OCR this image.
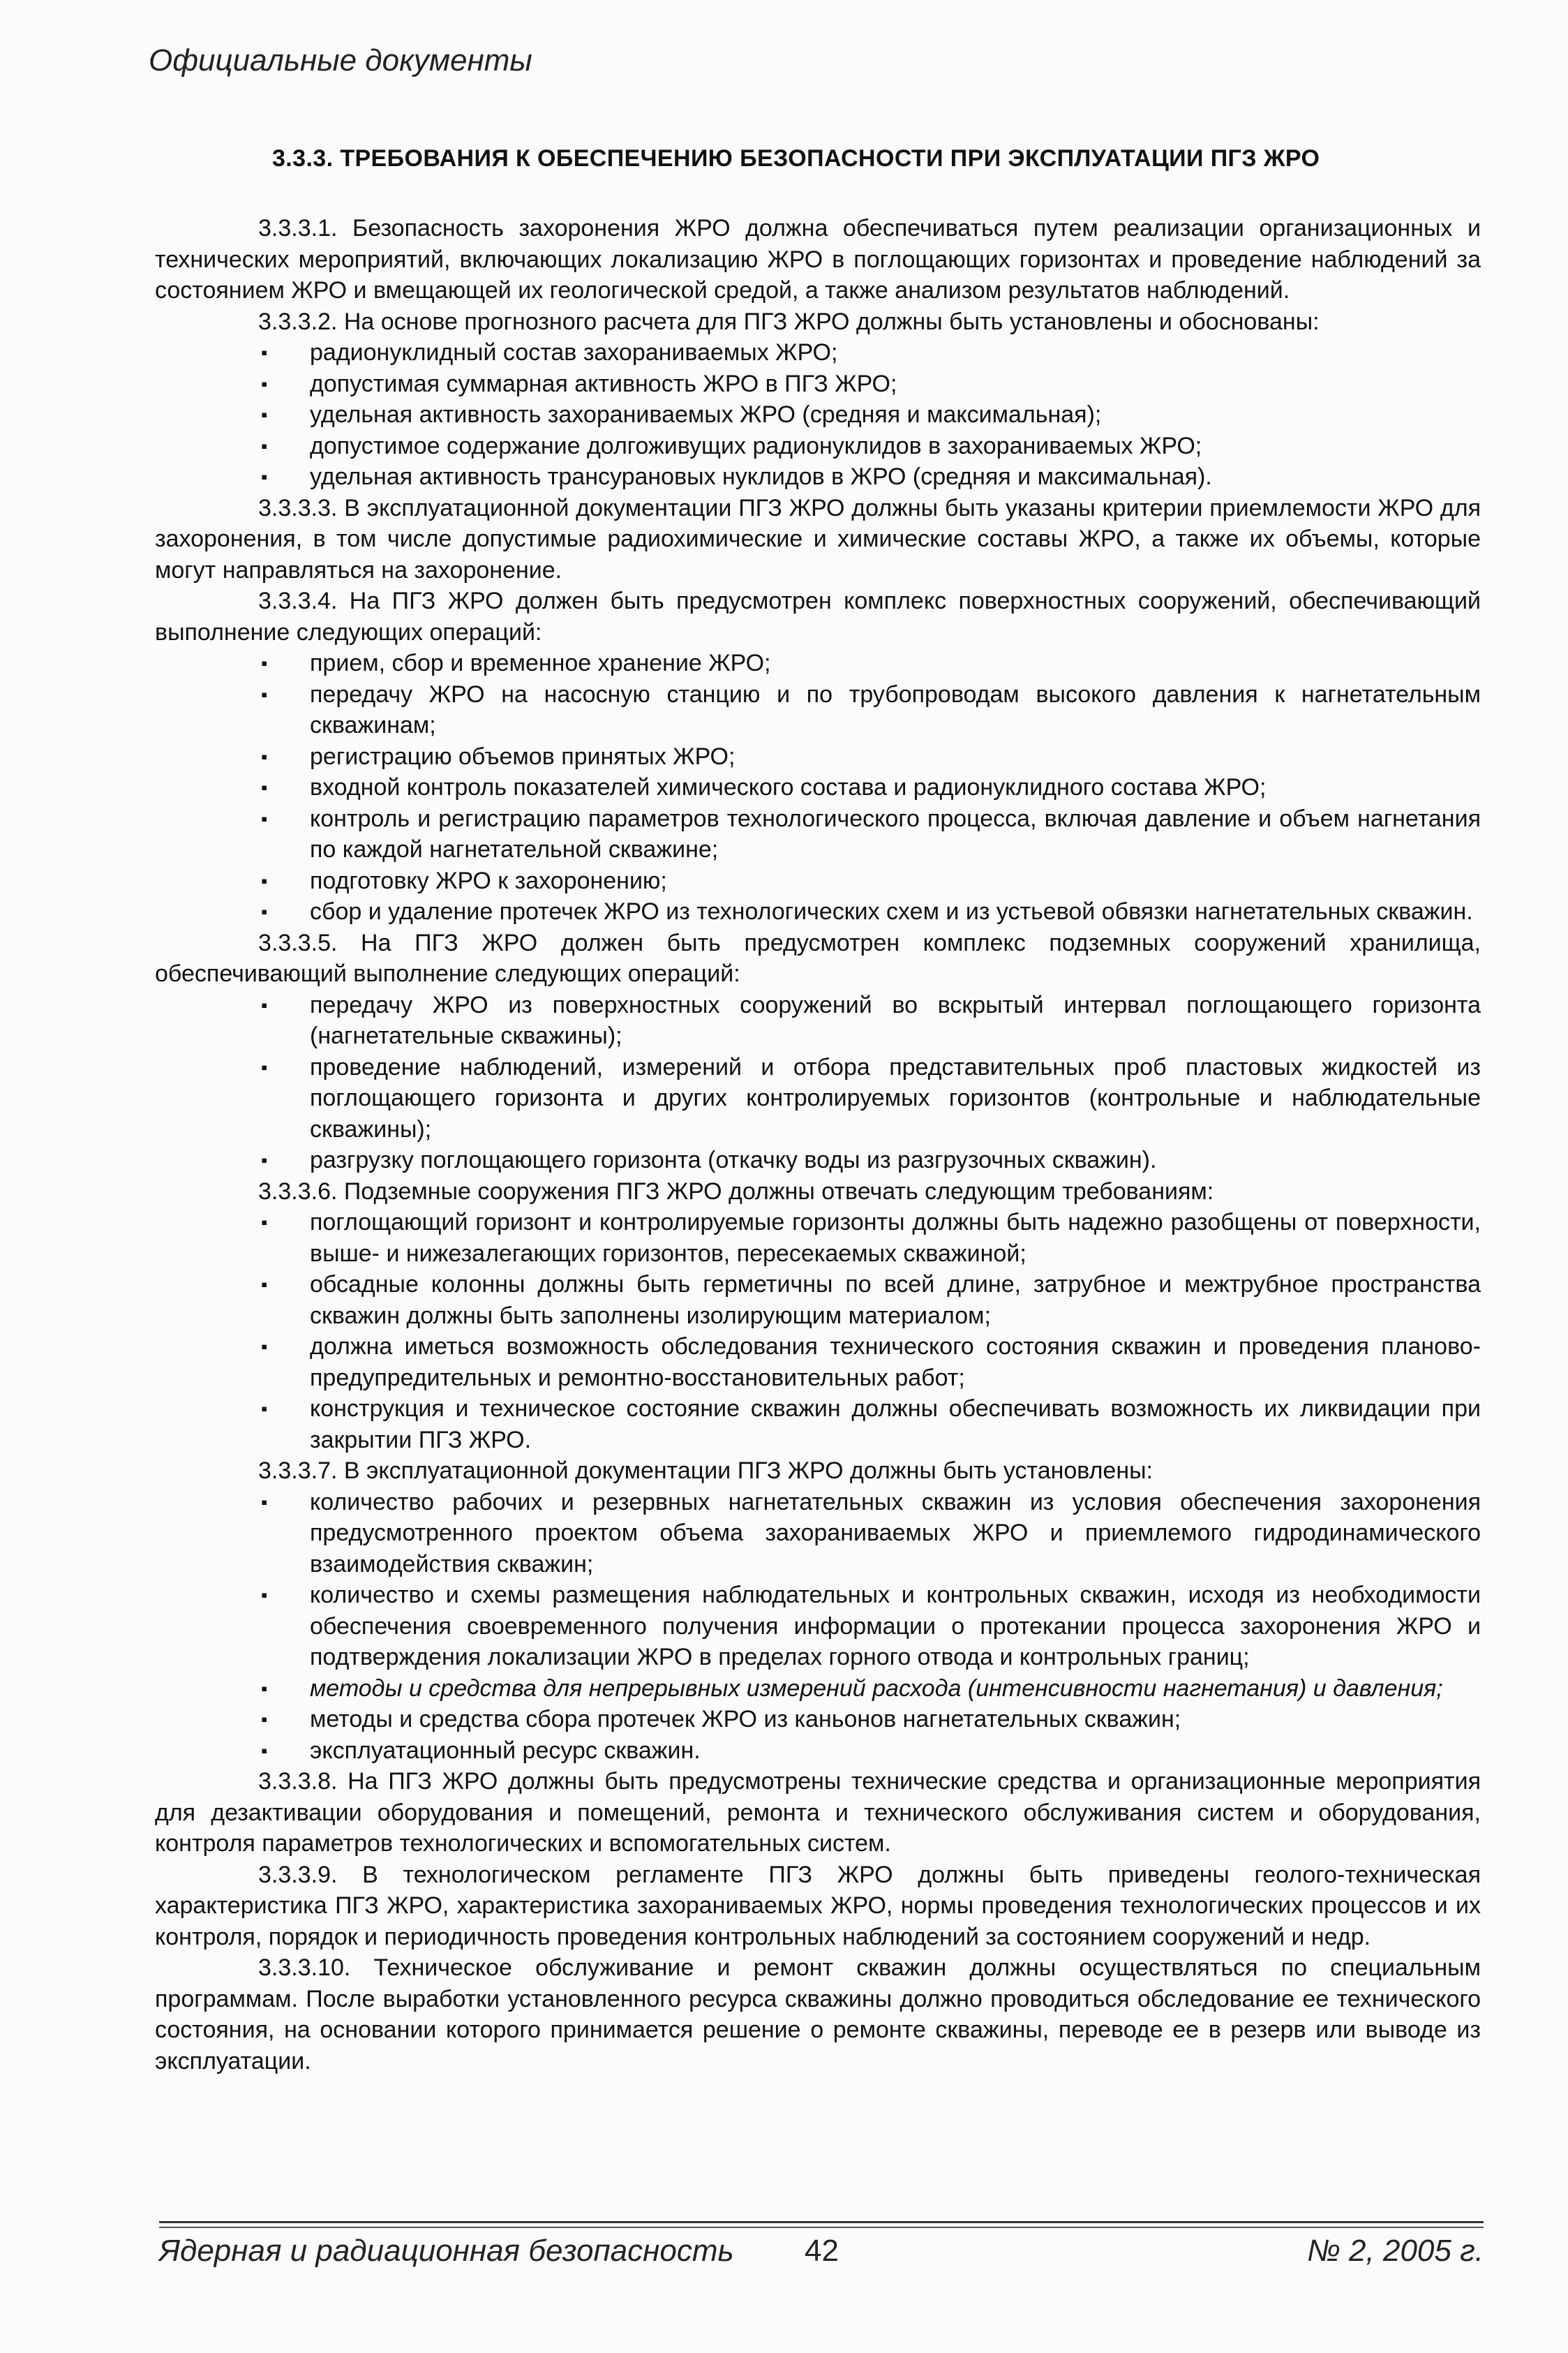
Официальные документы
3.3.3. ТРЕБОВАНИЯ К ОБЕСПЕЧЕНИЮ БЕЗОПАСНОСТИ ПРИ ЭКСПЛУАТАЦИИ ПГЗ ЖРО

3.3.3.1. Безопасность захоронения ЖРО должна обеспечиваться путем реализации организационных и технических мероприятий, включающих локализацию ЖРО в поглощающих горизонтах и проведение наблюдений за состоянием ЖРО и вмещающей их геологической средой, а также анализом результатов наблюдений.

3.3.3.2. На основе прогнозного расчета для ПГЗ ЖРО должны быть установлены и обоснованы:

▪ радионуклидный состав захораниваемых ЖРО;
▪ допустимая суммарная активность ЖРО в ПГЗ ЖРО;
▪ удельная активность захораниваемых ЖРО (средняя и максимальная);
▪ допустимое содержание долгоживущих радионуклидов в захораниваемых ЖРО;
▪ удельная активность трансурановых нуклидов в ЖРО (средняя и максимальная).

3.3.3.3. В эксплуатационной документации ПГЗ ЖРО должны быть указаны критерии приемлемости ЖРО для захоронения, в том числе допустимые радиохимические и химические составы ЖРО, а также их объемы, которые могут направляться на захоронение.

3.3.3.4. На ПГЗ ЖРО должен быть предусмотрен комплекс поверхностных сооружений, обеспечивающий выполнение следующих операций:

▪ прием, сбор и временное хранение ЖРО;
▪ передачу ЖРО на насосную станцию и по трубопроводам высокого давления к нагнетательным скважинам;
▪ регистрацию объемов принятых ЖРО;
▪ входной контроль показателей химического состава и радионуклидного состава ЖРО;
▪ контроль и регистрацию параметров технологического процесса, включая давление и объем нагнетания по каждой нагнетательной скважине;
▪ подготовку ЖРО к захоронению;
▪ сбор и удаление протечек ЖРО из технологических схем и из устьевой обвязки нагнетательных скважин.

3.3.3.5. На ПГЗ ЖРО должен быть предусмотрен комплекс подземных сооружений хранилища, обеспечивающий выполнение следующих операций:

▪ передачу ЖРО из поверхностных сооружений во вскрытый интервал поглощающего горизонта (нагнетательные скважины);
▪ проведение наблюдений, измерений и отбора представительных проб пластовых жидкостей из поглощающего горизонта и других контролируемых горизонтов (контрольные и наблюдательные скважины);
▪ разгрузку поглощающего горизонта (откачку воды из разгрузочных скважин).

3.3.3.6. Подземные сооружения ПГЗ ЖРО должны отвечать следующим требованиям:

▪ поглощающий горизонт и контролируемые горизонты должны быть надежно разобщены от поверхности, выше- и нижезалегающих горизонтов, пересекаемых скважиной;
▪ обсадные колонны должны быть герметичны по всей длине, затрубное и межтрубное пространства скважин должны быть заполнены изолирующим материалом;
▪ должна иметься возможность обследования технического состояния скважин и проведения планово-предупредительных и ремонтно-восстановительных работ;
▪ конструкция и техническое состояние скважин должны обеспечивать возможность их ликвидации при закрытии ПГЗ ЖРО.

3.3.3.7. В эксплуатационной документации ПГЗ ЖРО должны быть установлены:

▪ количество рабочих и резервных нагнетательных скважин из условия обеспечения захоронения предусмотренного проектом объема захораниваемых ЖРО и приемлемого гидродинамического взаимодействия скважин;
▪ количество и схемы размещения наблюдательных и контрольных скважин, исходя из необходимости обеспечения своевременного получения информации о протекании процесса захоронения ЖРО и подтверждения локализации ЖРО в пределах горного отвода и контрольных границ;
▪ методы и средства для непрерывных измерений расхода (интенсивности нагнетания) и давления;
▪ методы и средства сбора протечек ЖРО из каньонов нагнетательных скважин;
▪ эксплуатационный ресурс скважин.

3.3.3.8. На ПГЗ ЖРО должны быть предусмотрены технические средства и организационные мероприятия для дезактивации оборудования и помещений, ремонта и технического обслуживания систем и оборудования, контроля параметров технологических и вспомогательных систем.

3.3.3.9. В технологическом регламенте ПГЗ ЖРО должны быть приведены геолого-техническая характеристика ПГЗ ЖРО, характеристика захораниваемых ЖРО, нормы проведения технологических процессов и их контроля, порядок и периодичность проведения контрольных наблюдений за состоянием сооружений и недр.

3.3.3.10. Техническое обслуживание и ремонт скважин должны осуществляться по специальным программам. После выработки установленного ресурса скважины должно проводиться обследование ее технического состояния, на основании которого принимается решение о ремонте скважины, переводе ее в резерв или выводе из эксплуатации.

Ядерная и радиационная безопасность 42	№ 2, 2005 г.
